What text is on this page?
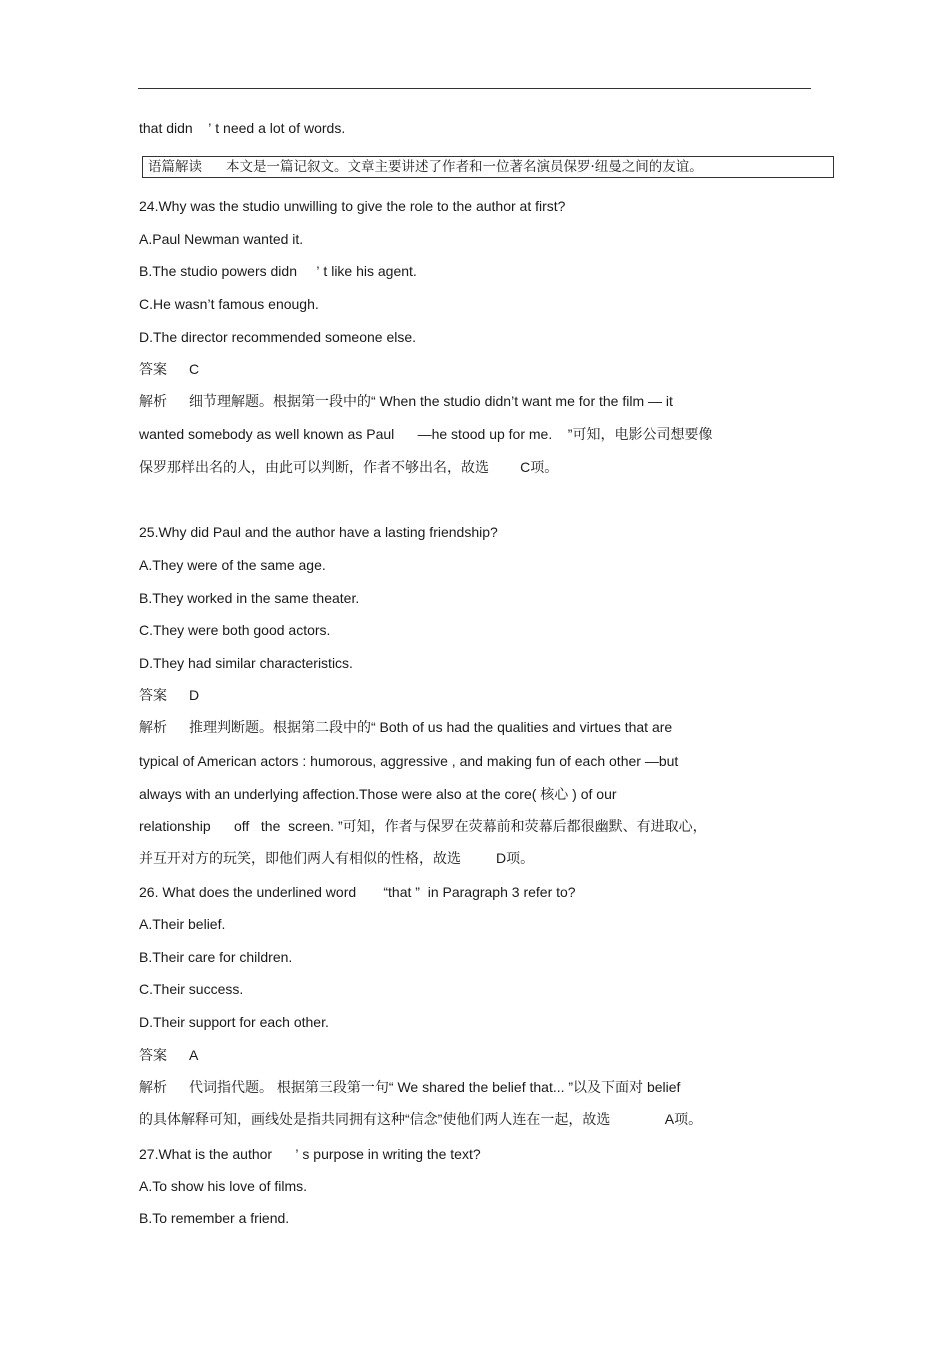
that didn    ’ t need a lot of words.
语篇解读 本文是一篇记叙文。文章主要讲述了作者和一位著名演员保罗·纽曼之间的友谊。
24.Why was the studio unwilling to give the role to the author at first?
A.Paul Newman wanted it.
B.The studio powers didn     ’ t like his agent.
C.He wasn’t famous enough.
D.The director recommended someone else.
答案 C
解析 细节理解题。根据第一段中的“ When the studio didn’t want me for the film — it
wanted somebody as well known as Paul      —he stood up for me.    ”可知，电影公司想要像
保罗那样出名的人，由此可以判断，作者不够出名，故选        C项。
25.Why did Paul and the author have a lasting friendship?
A.They were of the same age.
B.They worked in the same theater.
C.They were both good actors.
D.They had similar characteristics.
答案 D
解析 推理判断题。根据第二段中的“ Both of us had the qualities and virtues that are
typical of American actors : humorous, aggressive , and making fun of each other —but
always with an underlying affection.Those were also at the core( 核心 ) of our
relationship      off   the  screen. ”可知，作者与保罗在荧幕前和荧幕后都很幽默、有进取心，
并互开对方的玩笑，即他们两人有相似的性格，故选         D项。
26. What does the underlined word       “that ”  in Paragraph 3 refer to?
A.Their belief.
B.Their care for children.
C.Their success.
D.Their support for each other.
答案 A
解析 代词指代题。 根据第三段第一句“ We shared the belief that... ”以及下面对 belief
的具体解释可知，画线处是指共同拥有这种“信念”使他们两人连在一起，故选              A项。
27.What is the author      ’ s purpose in writing the text?
A.To show his love of films.
B.To remember a friend.
